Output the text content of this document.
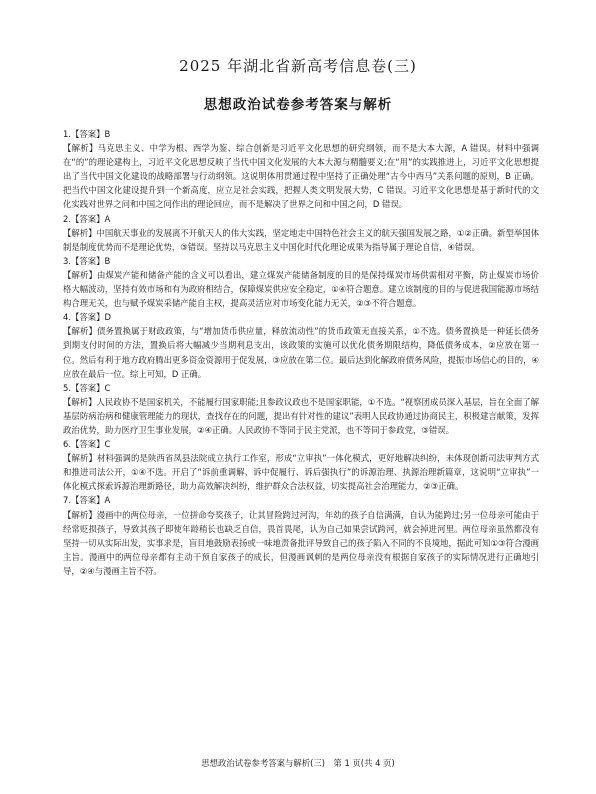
2025 年湖北省新高考信息卷(三)
思想政治试卷参考答案与解析
1.【答案】B

【解析】马克思主义、中学为根、西学为鉴、综合创新是习近平文化思想的研究纲领，而不是大本大源，A 错误。材料中强调在“的”的理论建构上，习近平文化思想反映了当代中国文化发展的大本大源与精髓要义;在“用”的实践推进上，习近平文化思想提出了当代中国文化建设的战略部署与行动纲领。这说明体用贯通过程中坚持了正确处理“古今中西马”关系问题的原则，B 正确。把当代中国文化建设提升到一个新高度，应立足社会实践，把握人类文明发展大势，C 错误。习近平文化思想是基于新时代的文化实践对世界之问和中国之问作出的理论回应，而不是解决了世界之问和中国之问，D 错误。

2.【答案】A

【解析】中国航天事业的发展离不开航天人的伟大实践，坚定地走中国特色社会主义的航天强国发展之路，①②正确。新型举国体制是制度优势而不是理论优势，③错误。坚持以马克思主义中国化时代化理论成果为指导属于理论自信，④错误。

3.【答案】B

【解析】由煤炭产能和储备产能的含义可以看出，建立煤炭产能储备制度的目的是保持煤炭市场供需相对平衡，防止煤炭市场价格大幅波动，坚持有效市场和有为政府相结合，保障煤炭供应安全稳定，①④符合题意。建立该制度的目的与促进我国能源市场结构合理无关，也与赋予煤炭采储产能自主权，提高灵活应对市场变化能力无关，②③不符合题意。

4.【答案】D

【解析】债务置换属于财政政策，与“增加货币供应量，释放流动性”的货币政策无直接关系，①不选。债务置换是一种延长债务到期支付时间的方法，置换后将大幅减少当期利息支出，该政策的实施可以优化债务期限结构，降低债务成本，②应放在第一位。然后有利于地方政府腾出更多资金资源用于促发展，③应放在第二位。最后达到化解政府债务风险，提振市场信心的目的，④应放在最后一位。综上可知，D 正确。

5.【答案】C

【解析】人民政协不是国家机关，不能履行国家职能;且参政议政也不是国家职能，①不选。“视察团成员深入基层，旨在全面了解基层防病治病和健康管理能力的现状，查找存在的问题，提出有针对性的建议”表明人民政协通过协商民主，积极建言献策，发挥政治优势，助力医疗卫生事业发展，②④正确。人民政协不等同于民主党派，也不等同于参政党，③错误。

6.【答案】C

【解析】材料强调的是陕西省凤县法院成立执行工作室，形成“立审执”一体化模式，更好地解决纠纷，未体现创新司法审判方式和推进司法公开，①④不选。开启了“诉前重调解、诉中促履行、诉后强执行”的诉源治理、执源治理新篇章，这说明“立审执”一体化模式探索诉源治理新路径，助力高效解决纠纷，维护群众合法权益，切实提高社会治理能力，②③正确。

7.【答案】A

【解析】漫画中的两位母亲，一位拼命夸奖孩子，让其冒险跨过河沟，年幼的孩子自信满满，自认为能跨过;另一位母亲可能由于经常贬损孩子，导致其孩子即使年龄稍长也缺乏自信，畏首畏尾，认为自己如果尝试跨河，就会掉进河里。两位母亲虽然都没有坚持一切从实际出发，实事求是，盲目地鼓励表扬或一味地责备批评导致自己的孩子陷入不同的不良境地，据此可知①③符合漫画主旨。漫画中的两位母亲都有主动干预自家孩子的成长，但漫画讽刺的是两位母亲没有根据自家孩子的实际情况进行正确地引导，②④与漫画主旨不符。

思想政治试卷参考答案与解析(三)　第 1 页(共 4 页)
